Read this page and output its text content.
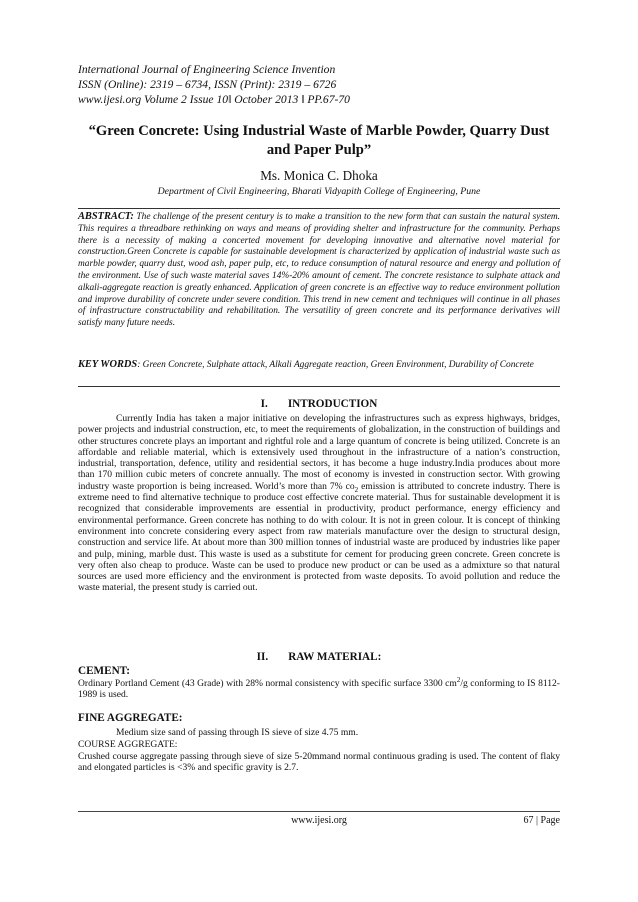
International Journal of Engineering Science Invention
ISSN (Online): 2319 – 6734, ISSN (Print): 2319 – 6726
www.ijesi.org Volume 2 Issue 10ǁ October 2013 ǁ PP.67-70
“Green Concrete: Using Industrial Waste of Marble Powder, Quarry Dust and Paper Pulp”
Ms. Monica C. Dhoka
Department of Civil Engineering, Bharati Vidyapith College of Engineering, Pune
ABSTRACT: The challenge of the present century is to make a transition to the new form that can sustain the natural system. This requires a threadbare rethinking on ways and means of providing shelter and infrastructure for the community. Perhaps there is a necessity of making a concerted movement for developing innovative and alternative novel material for construction.Green Concrete is capable for sustainable development is characterized by application of industrial waste such as marble powder, quarry dust, wood ash, paper pulp, etc, to reduce consumption of natural resource and energy and pollution of the environment. Use of such waste material saves 14%-20% amount of cement. The concrete resistance to sulphate attack and alkali-aggregate reaction is greatly enhanced. Application of green concrete is an effective way to reduce environment pollution and improve durability of concrete under severe condition. This trend in new cement and techniques will continue in all phases of infrastructure constructability and rehabilitation. The versatility of green concrete and its performance derivatives will satisfy many future needs.
KEY WORDS: Green Concrete, Sulphate attack, Alkali Aggregate reaction, Green Environment, Durability of Concrete
I. INTRODUCTION
Currently India has taken a major initiative on developing the infrastructures such as express highways, bridges, power projects and industrial construction, etc, to meet the requirements of globalization, in the construction of buildings and other structures concrete plays an important and rightful role and a large quantum of concrete is being utilized. Concrete is an affordable and reliable material, which is extensively used throughout in the infrastructure of a nation’s construction, industrial, transportation, defence, utility and residential sectors, it has become a huge industry.India produces about more than 170 million cubic meters of concrete annually. The most of economy is invested in construction sector. With growing industry waste proportion is being increased. World’s more than 7% $co_2$ emission is attributed to concrete industry. There is extreme need to find alternative technique to produce cost effective concrete material. Thus for sustainable development it is recognized that considerable improvements are essential in productivity, product performance, energy efficiency and environmental performance. Green concrete has nothing to do with colour. It is not in green colour. It is concept of thinking environment into concrete considering every aspect from raw materials manufacture over the design to structural design, construction and service life. At about more than 300 million tonnes of industrial waste are produced by industries like paper and pulp, mining, marble dust. This waste is used as a substitute for cement for producing green concrete. Green concrete is very often also cheap to produce. Waste can be used to produce new product or can be used as a admixture so that natural sources are used more efficiency and the environment is protected from waste deposits. To avoid pollution and reduce the waste material, the present study is carried out.
II. RAW MATERIAL:
CEMENT:
Ordinary Portland Cement (43 Grade) with 28% normal consistency with specific surface 3300 $cm^2/g$ conforming to IS 8112-1989 is used.
FINE AGGREGATE:
Medium size sand of passing through IS sieve of size 4.75 mm.
COURSE AGGREGATE:
Crushed course aggregate passing through sieve of size 5-20mmand normal continuous grading is used. The content of flaky and elongated particles is <3% and specific gravity is 2.7.
www.ijesi.org	67 | Page
